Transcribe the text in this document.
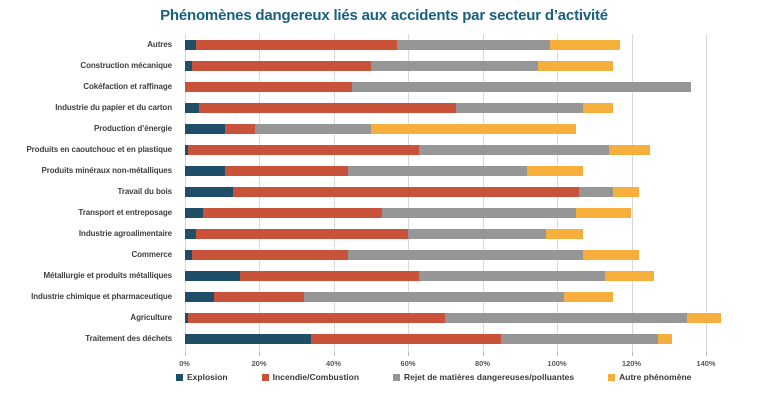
Phénomènes dangereux liés aux accidents par secteur d’activité
0%	20%	40%	60%	80%	100%	120%	140%
Autres
Construction mécanique
Cokéfaction et raffinage
Industrie du papier et du carton
Production d’énergie
Produits en caoutchouc et en plastique
Produits minéraux non-métalliques
Travail du bois
Transport et entreposage
Industrie agroalimentaire
Commerce
Métallurgie et produits métalliques
Industrie chimique et pharmaceutique
Agriculture
Traitement des déchets
Explosion	Incendie/Combustion	Rejet de matières dangereuses/polluantes	Autre phénomène
